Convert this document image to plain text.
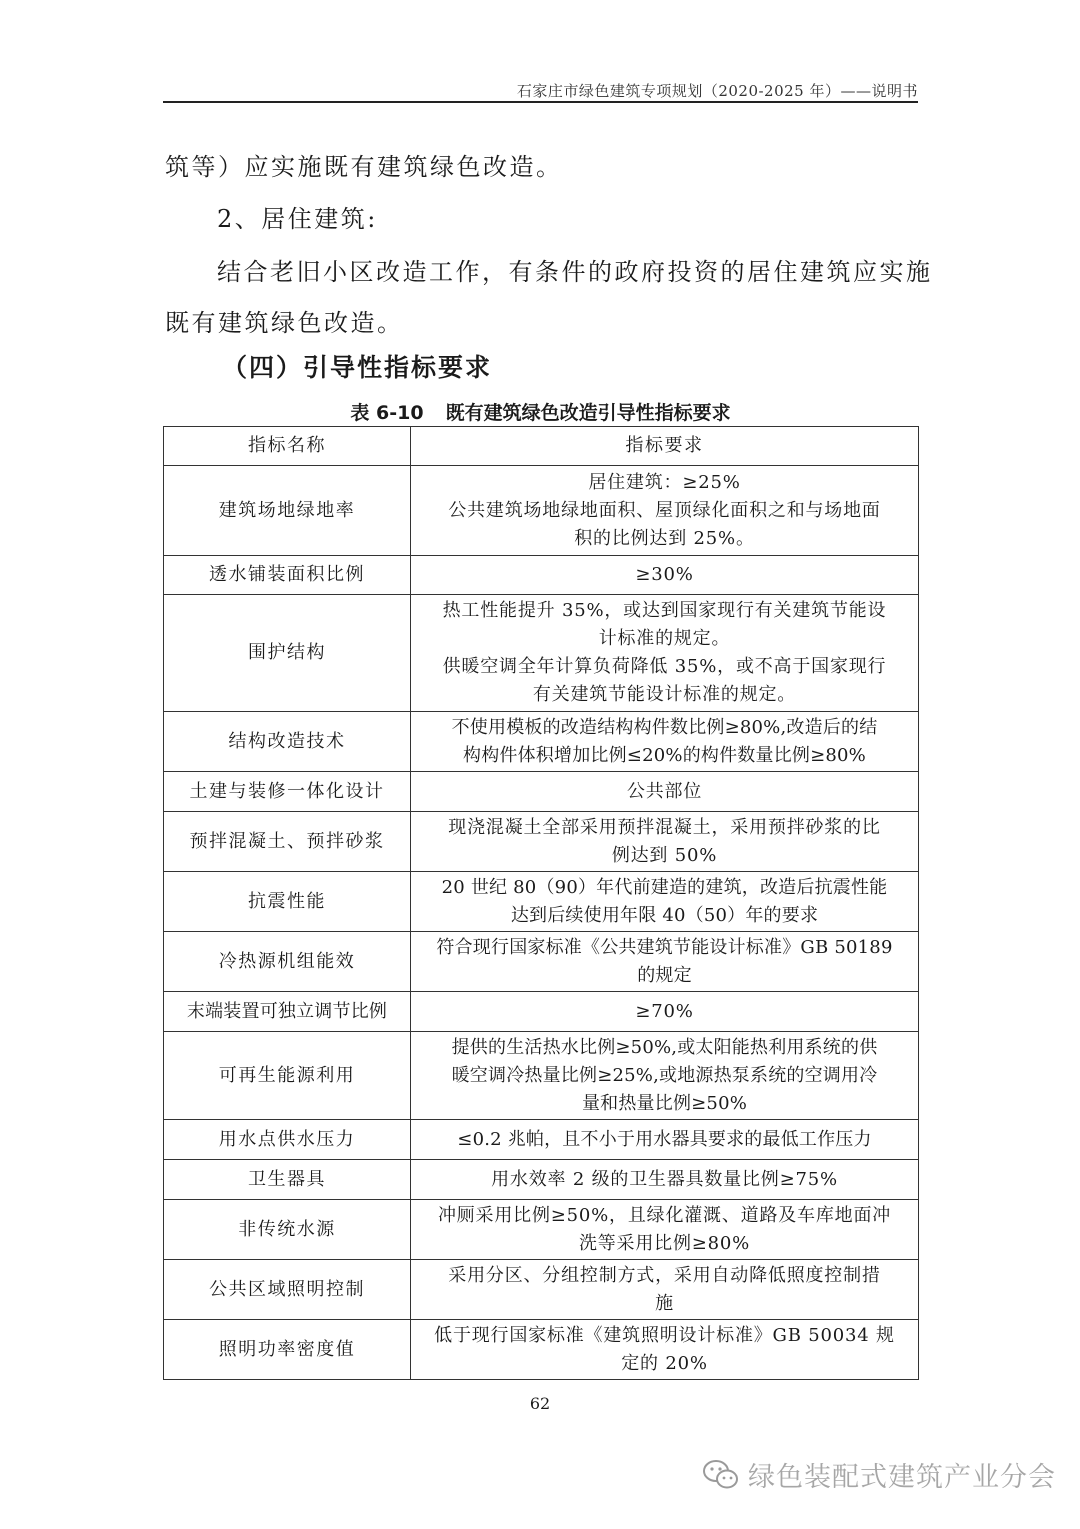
石家庄市绿色建筑专项规划（2020-2025 年）——说明书
筑等）应实施既有建筑绿色改造。
2、居住建筑:
结合老旧小区改造工作，有条件的政府投资的居住建筑应实施
既有建筑绿色改造。
（四）引导性指标要求
表 6-10 既有建筑绿色改造引导性指标要求
指标名称	指标要求
建筑场地绿地率	居住建筑：≥25%
公共建筑场地绿地面积、屋顶绿化面积之和与场地面
积的比例达到 25%。

透水铺装面积比例	≥30%

围护结构	热工性能提升 35%，或达到国家现行有关建筑节能设
计标准的规定。
供暖空调全年计算负荷降低 35%，或不高于国家现行
有关建筑节能设计标准的规定。

结构改造技术	不使用模板的改造结构构件数比例≥80%,改造后的结
构构件体积增加比例≤20%的构件数量比例≥80%

土建与装修一体化设计	公共部位

预拌混凝土、预拌砂浆	现浇混凝土全部采用预拌混凝土，采用预拌砂浆的比
例达到 50%

抗震性能	20 世纪 80（90）年代前建造的建筑，改造后抗震性能
达到后续使用年限 40（50）年的要求

冷热源机组能效	符合现行国家标准《公共建筑节能设计标准》GB 50189
的规定

末端装置可独立调节比例	≥70%

可再生能源利用	提供的生活热水比例≥50%,或太阳能热利用系统的供
暖空调冷热量比例≥25%,或地源热泵系统的空调用冷
量和热量比例≥50%

用水点供水压力	≤0.2 兆帕，且不小于用水器具要求的最低工作压力

卫生器具	用水效率 2 级的卫生器具数量比例≥75%

非传统水源	冲厕采用比例≥50%，且绿化灌溉、道路及车库地面冲
洗等采用比例≥80%

公共区域照明控制	采用分区、分组控制方式，采用自动降低照度控制措
施

照明功率密度值	低于现行国家标准《建筑照明设计标准》GB 50034 规
定的 20%
62
绿色装配式建筑产业分会
